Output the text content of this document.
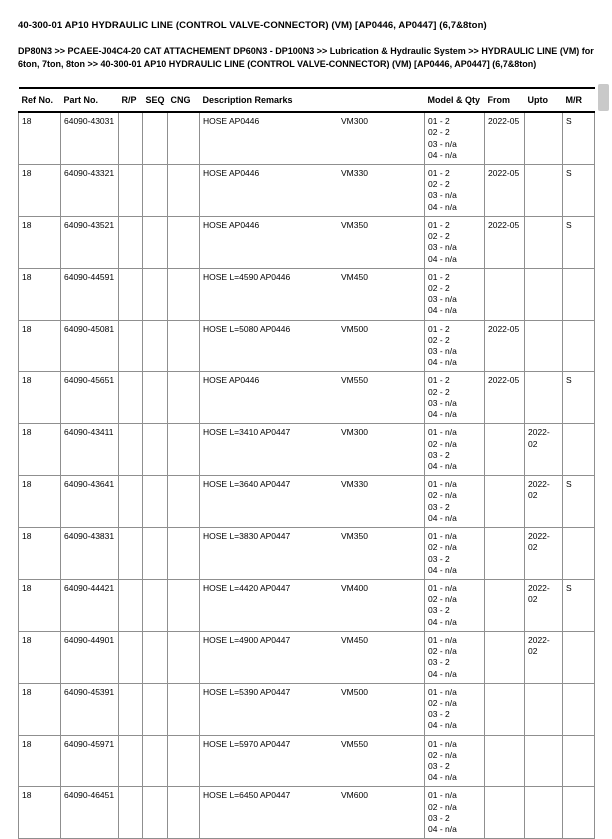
40-300-01 AP10 HYDRAULIC LINE (CONTROL VALVE-CONNECTOR) (VM) [AP0446, AP0447] (6,7&8ton)
DP80N3 >> PCAEE-J04C4-20 CAT ATTACHEMENT DP60N3 - DP100N3 >> Lubrication & Hydraulic System >> HYDRAULIC LINE (VM) for 6ton, 7ton, 8ton >> 40-300-01 AP10 HYDRAULIC LINE (CONTROL VALVE-CONNECTOR) (VM) [AP0446, AP0447] (6,7&8ton)
Ref No.	Part No.	R/P	SEQ	CNG	Description Remarks	Model & Qty	From	Upto	M/R
18	64090-43031				HOSE AP0446	VM300	01 - 2
02 - 2
03 - n/a
04 - n/a
	2022-05		S
18	64090-43321				HOSE AP0446	VM330	01 - 2
02 - 2
03 - n/a
04 - n/a
	2022-05		S
18	64090-43521				HOSE AP0446	VM350	01 - 2
02 - 2
03 - n/a
04 - n/a
	2022-05		S
18	64090-44591				HOSE L=4590 AP0446	VM450	01 - 2
02 - 2
03 - n/a
04 - n/a

18	64090-45081				HOSE L=5080 AP0446	VM500	01 - 2
02 - 2
03 - n/a
04 - n/a
	2022-05		
18	64090-45651				HOSE AP0446	VM550	01 - 2
02 - 2
03 - n/a
04 - n/a
	2022-05		S
18	64090-43411				HOSE L=3410 AP0447	VM300	01 - n/a
02 - n/a
03 - 2
04 - n/a
		2022-02	
18	64090-43641				HOSE L=3640 AP0447	VM330	01 - n/a
02 - n/a
03 - 2
04 - n/a
		2022-02	S
18	64090-43831				HOSE L=3830 AP0447	VM350	01 - n/a
02 - n/a
03 - 2
04 - n/a
		2022-02	
18	64090-44421				HOSE L=4420 AP0447	VM400	01 - n/a
02 - n/a
03 - 2
04 - n/a
		2022-02	S
18	64090-44901				HOSE L=4900 AP0447	VM450	01 - n/a
02 - n/a
03 - 2
04 - n/a
		2022-02	
18	64090-45391				HOSE L=5390 AP0447	VM500	01 - n/a
02 - n/a
03 - 2
04 - n/a

18	64090-45971				HOSE L=5970 AP0447	VM550	01 - n/a
02 - n/a
03 - 2
04 - n/a

18	64090-46451				HOSE L=6450 AP0447	VM600	01 - n/a
02 - n/a
03 - 2
04 - n/a
